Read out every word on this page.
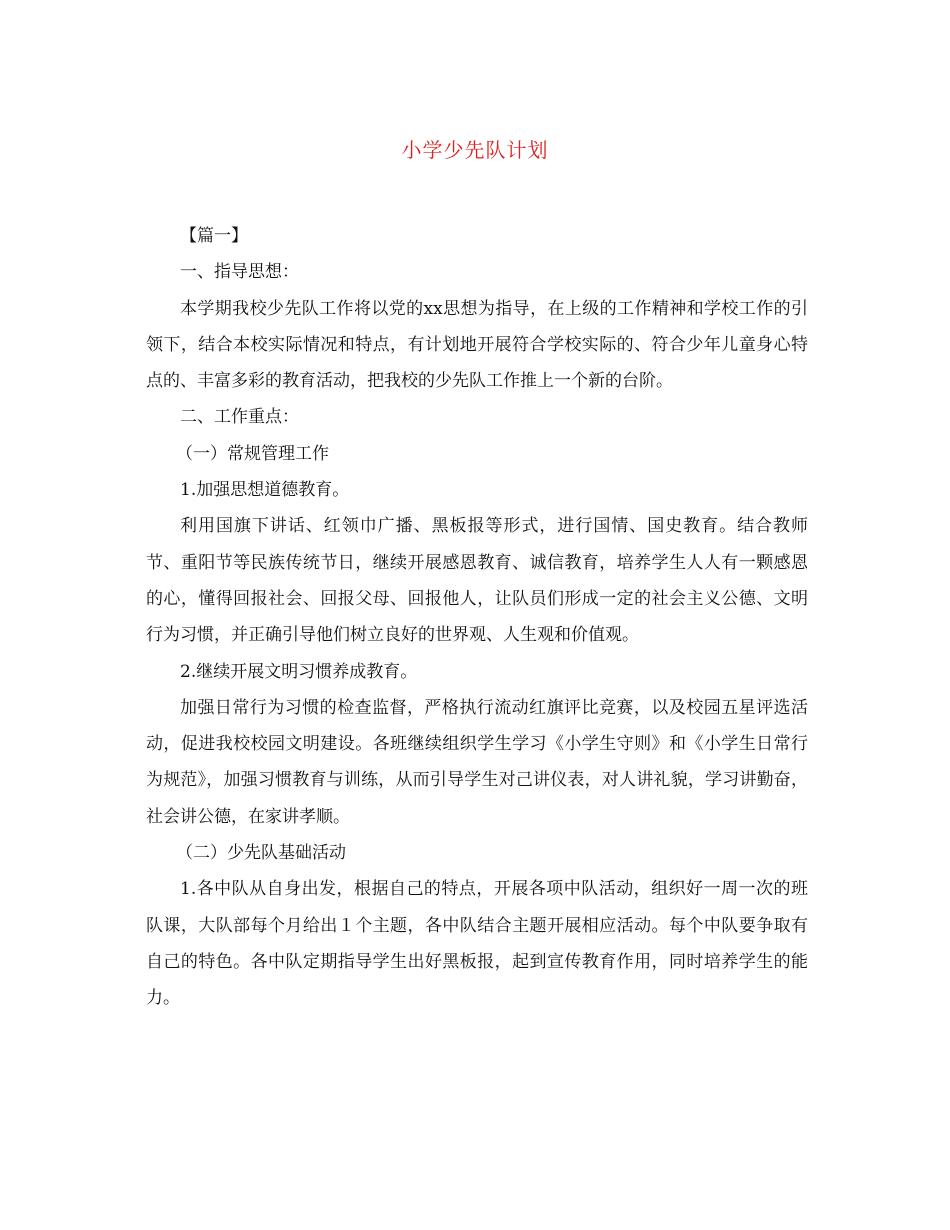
小学少先队计划

【篇一】

一、指导思想：

本学期我校少先队工作将以党的xx思想为指导，在上级的工作精神和学校工作的引领下，结合本校实际情况和特点，有计划地开展符合学校实际的、符合少年儿童身心特点的、丰富多彩的教育活动，把我校的少先队工作推上一个新的台阶。

二、工作重点：

（一）常规管理工作

1.加强思想道德教育。

利用国旗下讲话、红领巾广播、黑板报等形式，进行国情、国史教育。结合教师节、重阳节等民族传统节日，继续开展感恩教育、诚信教育，培养学生人人有一颗感恩的心，懂得回报社会、回报父母、回报他人，让队员们形成一定的社会主义公德、文明行为习惯，并正确引导他们树立良好的世界观、人生观和价值观。

2.继续开展文明习惯养成教育。

加强日常行为习惯的检查监督，严格执行流动红旗评比竞赛，以及校园五星评选活动，促进我校校园文明建设。各班继续组织学生学习《小学生守则》和《小学生日常行为规范》，加强习惯教育与训练，从而引导学生对己讲仪表，对人讲礼貌，学习讲勤奋，社会讲公德，在家讲孝顺。

（二）少先队基础活动

1.各中队从自身出发，根据自己的特点，开展各项中队活动，组织好一周一次的班队课，大队部每个月给出１个主题，各中队结合主题开展相应活动。每个中队要争取有自己的特色。各中队定期指导学生出好黑板报，起到宣传教育作用，同时培养学生的能力。
